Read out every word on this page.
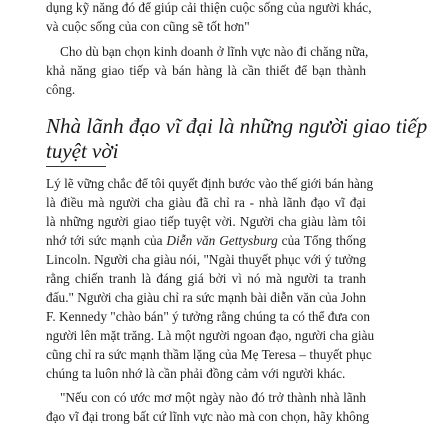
dụng kỹ năng đó để giúp cải thiện cuộc sống của người khác,
và cuộc sống của con cũng sẽ tốt hơn"
Cho dù bạn chọn kinh doanh ở lĩnh vực nào đi chăng nữa,
khả năng giao tiếp và bán hàng là cần thiết để bạn thành
công.
Nhà lãnh đạo vĩ đại là những người giao tiếp
tuyệt vời
Lý lẽ vững chắc để tôi quyết định bước vào thế giới bán hàng
là điều mà người cha giàu đã chỉ ra - nhà lãnh đạo vĩ đại
là những người giao tiếp tuyệt vời. Người cha giàu làm tôi
nhớ tới sức mạnh của Diễn văn Gettysburg của Tổng thống
Lincoln. Người cha giàu nói, "Ngài thuyết phục với ý tưởng
rằng chiến tranh là đáng giá bởi vì nó mà người ta tranh
đấu." Người cha giàu chỉ ra sức mạnh bài diễn văn của John
F. Kennedy "chào bán" ý tưởng rằng chúng ta có thể đưa con
người lên mặt trăng. Là một người ngoan đạo, người cha giàu
cũng chỉ ra sức mạnh thầm lặng của Mẹ Teresa – thuyết phục
chúng ta luôn nhớ là cần phải đồng cảm với người khác.
"Nếu con có ước mơ một ngày nào đó trở thành nhà lãnh
đạo vĩ đại trong bất cứ lĩnh vực nào mà con chọn, hãy không
